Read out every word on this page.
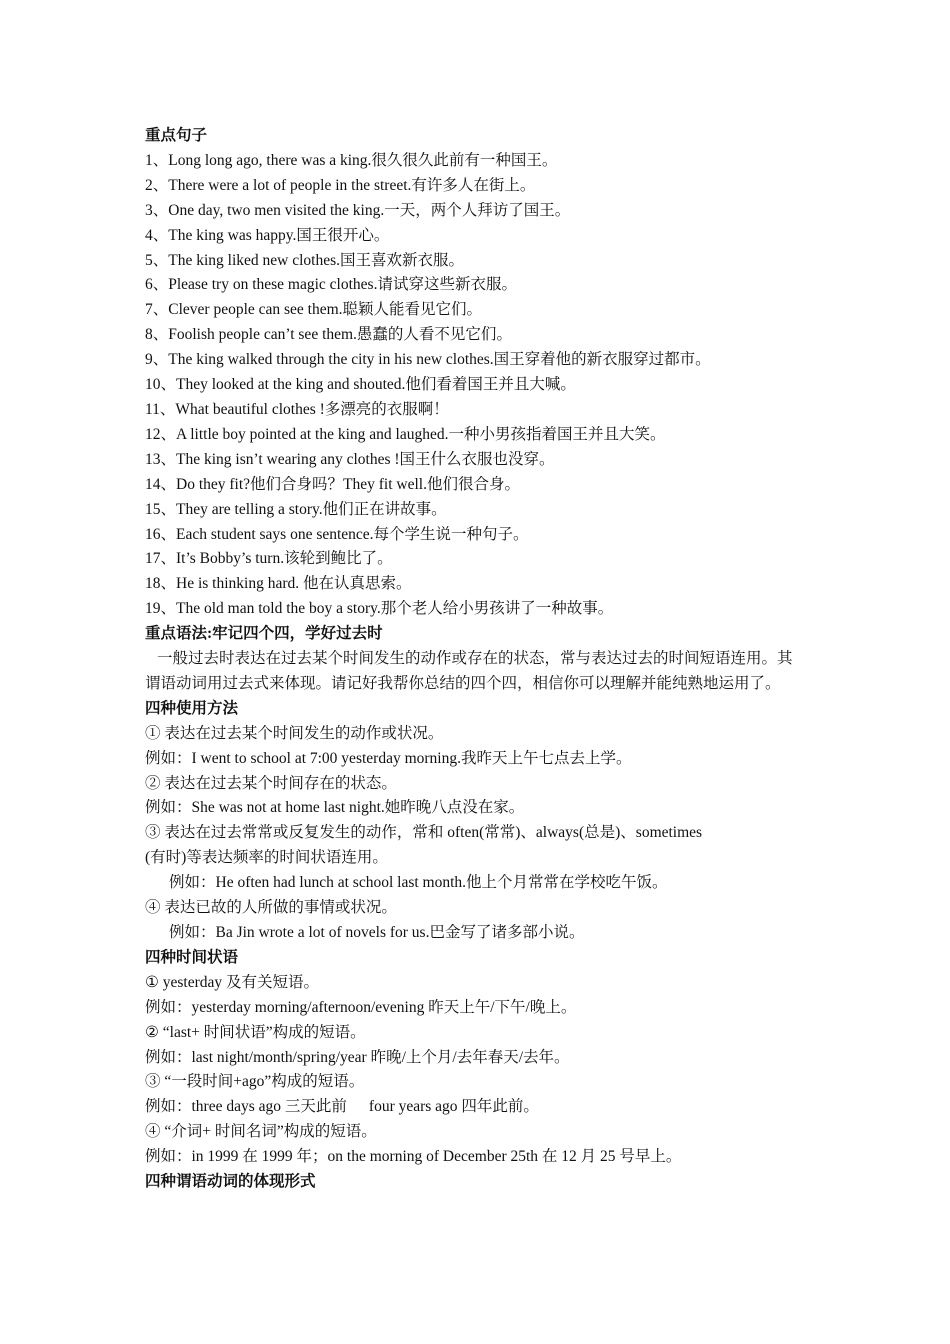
重点句子
1、Long long ago, there was a king.很久很久此前有一种国王。
2、There were a lot of people in the street.有许多人在街上。
3、One day, two men visited the king.一天，两个人拜访了国王。
4、The king was happy.国王很开心。
5、The king liked new clothes.国王喜欢新衣服。
6、Please try on these magic clothes.请试穿这些新衣服。
7、Clever people can see them.聪颖人能看见它们。
8、Foolish people can’t see them.愚蠢的人看不见它们。
9、The king walked through the city in his new clothes.国王穿着他的新衣服穿过都市。
10、They looked at the king and shouted.他们看着国王并且大喊。
11、What beautiful clothes !多漂亮的衣服啊！
12、A little boy pointed at the king and laughed.一种小男孩指着国王并且大笑。
13、The king isn’t wearing any clothes !国王什么衣服也没穿。
14、Do they fit?他们合身吗？They fit well.他们很合身。
15、They are telling a story.他们正在讲故事。
16、Each student says one sentence.每个学生说一种句子。
17、It’s Bobby’s turn.该轮到鲍比了。
18、He is thinking hard. 他在认真思索。
19、The old man told the boy a story.那个老人给小男孩讲了一种故事。
重点语法:牢记四个四，学好过去时
一般过去时表达在过去某个时间发生的动作或存在的状态，常与表达过去的时间短语连用。其谓语动词用过去式来体现。请记好我帮你总结的四个四，相信你可以理解并能纯熟地运用了。
四种使用方法
① 表达在过去某个时间发生的动作或状况。
例如：I went to school at 7:00 yesterday morning.我昨天上午七点去上学。
② 表达在过去某个时间存在的状态。
例如：She was not at home last night.她昨晚八点没在家。
③ 表达在过去常常或反复发生的动作，常和 often(常常)、always(总是)、sometimes
(有时)等表达频率的时间状语连用。
例如：He often had lunch at school last month.他上个月常常在学校吃午饭。
④ 表达已故的人所做的事情或状况。
例如：Ba Jin wrote a lot of novels for us.巴金写了诸多部小说。
四种时间状语
① yesterday 及有关短语。
例如：yesterday morning/afternoon/evening 昨天上午/下午/晚上。
② “last+ 时间状语”构成的短语。
例如：last night/month/spring/year 昨晚/上个月/去年春天/去年。
③ “一段时间+ago”构成的短语。
例如：three days ago 三天此前 four years ago 四年此前。
④ “介词+ 时间名词”构成的短语。
例如：in 1999 在 1999 年；on the morning of December 25th 在 12 月 25 号早上。
四种谓语动词的体现形式
